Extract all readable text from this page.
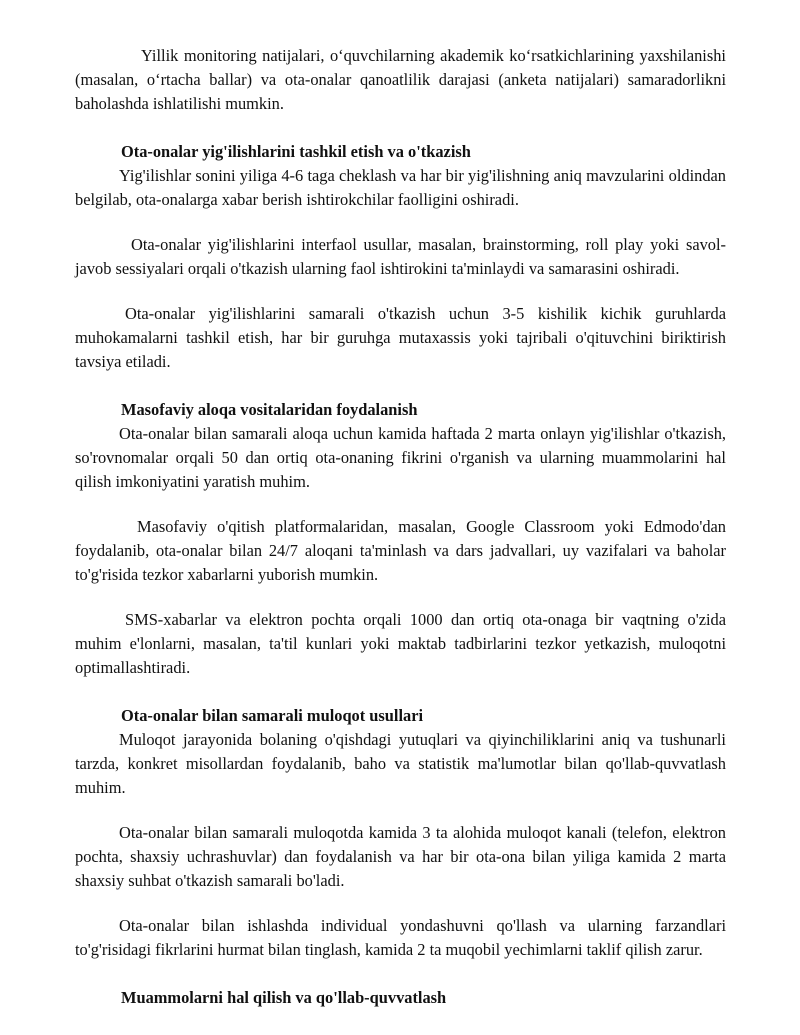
Yillik monitoring natijalari, o‘quvchilarning akademik ko‘rsatkichlarining yaxshilanishi (masalan, o‘rtacha ballar) va ota-onalar qanoatlilik darajasi (anketa natijalari) samaradorlikni baholashda ishlatilishi mumkin.

Ota-onalar yig'ilishlarini tashkil etish va o'tkazish

Yig'ilishlar sonini yiliga 4-6 taga cheklash va har bir yig'ilishning aniq mavzularini oldindan belgilab, ota-onalarga xabar berish ishtirokchilar faolligini oshiradi.

Ota-onalar yig'ilishlarini interfaol usullar, masalan, brainstorming, roll play yoki savol-javob sessiyalari orqali o'tkazish ularning faol ishtirokini ta'minlaydi va samarasini oshiradi.

Ota-onalar yig'ilishlarini samarali o'tkazish uchun 3-5 kishilik kichik guruhlarda muhokamalarni tashkil etish, har bir guruhga mutaxassis yoki tajribali o'qituvchini biriktirish tavsiya etiladi.

Masofaviy aloqa vositalaridan foydalanish

Ota-onalar bilan samarali aloqa uchun kamida haftada 2 marta onlayn yig'ilishlar o'tkazish, so'rovnomalar orqali 50 dan ortiq ota-onaning fikrini o'rganish va ularning muammolarini hal qilish imkoniyatini yaratish muhim.

Masofaviy o'qitish platformalaridan, masalan, Google Classroom yoki Edmodo'dan foydalanib, ota-onalar bilan 24/7 aloqani ta'minlash va dars jadvallari, uy vazifalari va baholar to'g'risida tezkor xabarlarni yuborish mumkin.

SMS-xabarlar va elektron pochta orqali 1000 dan ortiq ota-onaga bir vaqtning o'zida muhim e'lonlarni, masalan, ta'til kunlari yoki maktab tadbirlarini tezkor yetkazish, muloqotni optimallashtiradi.

Ota-onalar bilan samarali muloqot usullari

Muloqot jarayonida bolaning o'qishdagi yutuqlari va qiyinchiliklarini aniq va tushunarli tarzda, konkret misollardan foydalanib, baho va statistik ma'lumotlar bilan qo'llab-quvvatlash muhim.

Ota-onalar bilan samarali muloqotda kamida 3 ta alohida muloqot kanali (telefon, elektron pochta, shaxsiy uchrashuvlar) dan foydalanish va har bir ota-ona bilan yiliga kamida 2 marta shaxsiy suhbat o'tkazish samarali bo'ladi.

Ota-onalar bilan ishlashda individual yondashuvni qo'llash va ularning farzandlari to'g'risidagi fikrlarini hurmat bilan tinglash, kamida 2 ta muqobil yechimlarni taklif qilish zarur.

Muammolarni hal qilish va qo'llab-quvvatlash
